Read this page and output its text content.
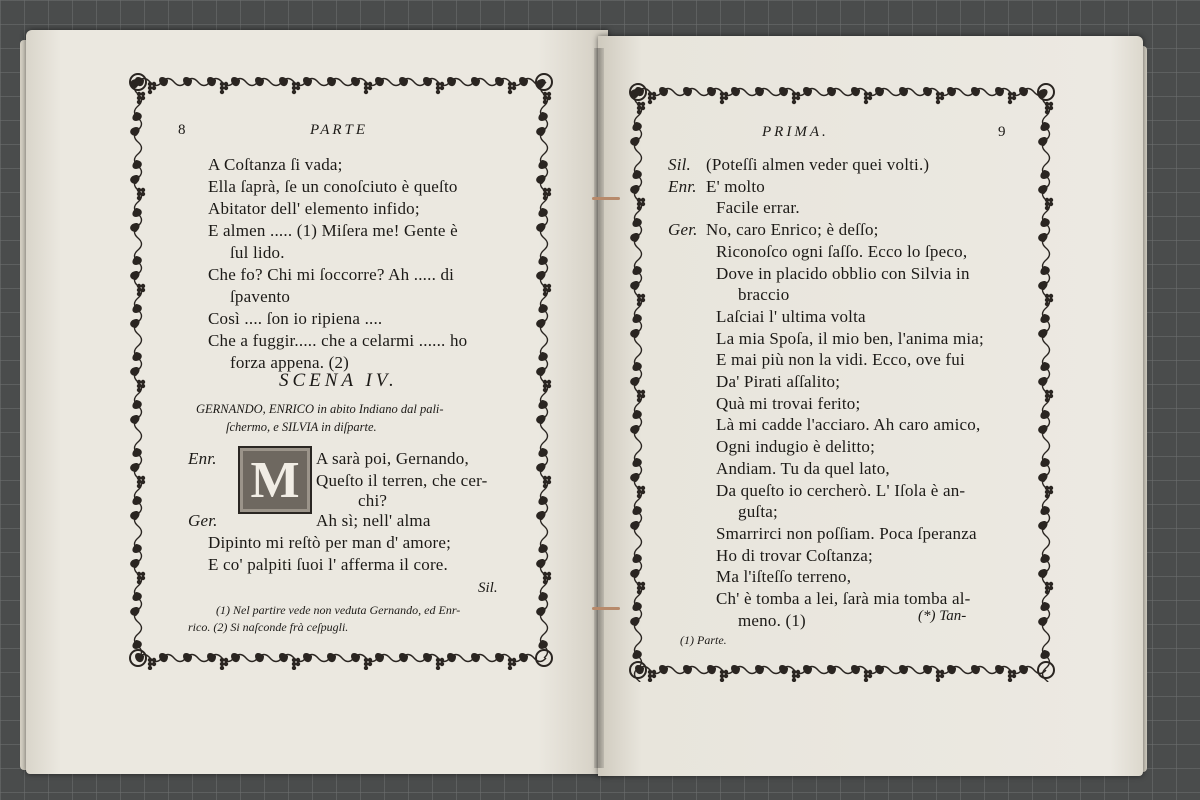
8	PARTE
A Coſtanza ſi vada;
Ella ſaprà, ſe un conoſciuto è queſto
Abitator dell' elemento infido;
E almen ..... (1) Miſera me! Gente è
ſul lido.
Che fo? Chi mi ſoccorre? Ah ..... di
ſpavento
Così .... ſon io ripiena ....
Che a fuggir..... che a celarmi ...... ho
forza appena. (2)
SCENA IV.
GERNANDO, ENRICO in abito Indiano dal pali-
ſchermo, e SILVIA in diſparte.
Enr. M A sarà poi, Gernando,
Queſto il terren, che cer-
chi?
Ger.	Ah sì; nell' alma
Dipinto mi reſtò per man d' amore;
E co' palpiti ſuoi l' afferma il core.
Sil.
(1) Nel partire vede non veduta Gernando, ed Enr-
rico. (2) Si naſconde frà ceſpugli.
PRIMA.	9
Sil. (Poteſſi almen veder quei volti.)
Enr. E' molto
Facile errar.
Ger. No, caro Enrico; è deſſo;
Riconoſco ogni ſaſſo. Ecco lo ſpeco,
Dove in placido obblio con Silvia in
braccio
Laſciai l' ultima volta
La mia Spoſa, il mio ben, l'anima mia;
E mai più non la vidi. Ecco, ove fui
Da' Pirati aſſalito;
Quà mi trovai ferito;
Là mi cadde l'acciaro. Ah caro amico,
Ogni indugio è delitto;
Andiam. Tu da quel lato,
Da queſto io cercherò. L' Iſola è an-
guſta;
Smarrirci non poſſiam. Poca ſperanza
Ho di trovar Coſtanza;
Ma l'iſteſſo terreno,
Ch' è tomba a lei, ſarà mia tomba al-
meno. (1)	(*) Tan-
(1) Parte.
